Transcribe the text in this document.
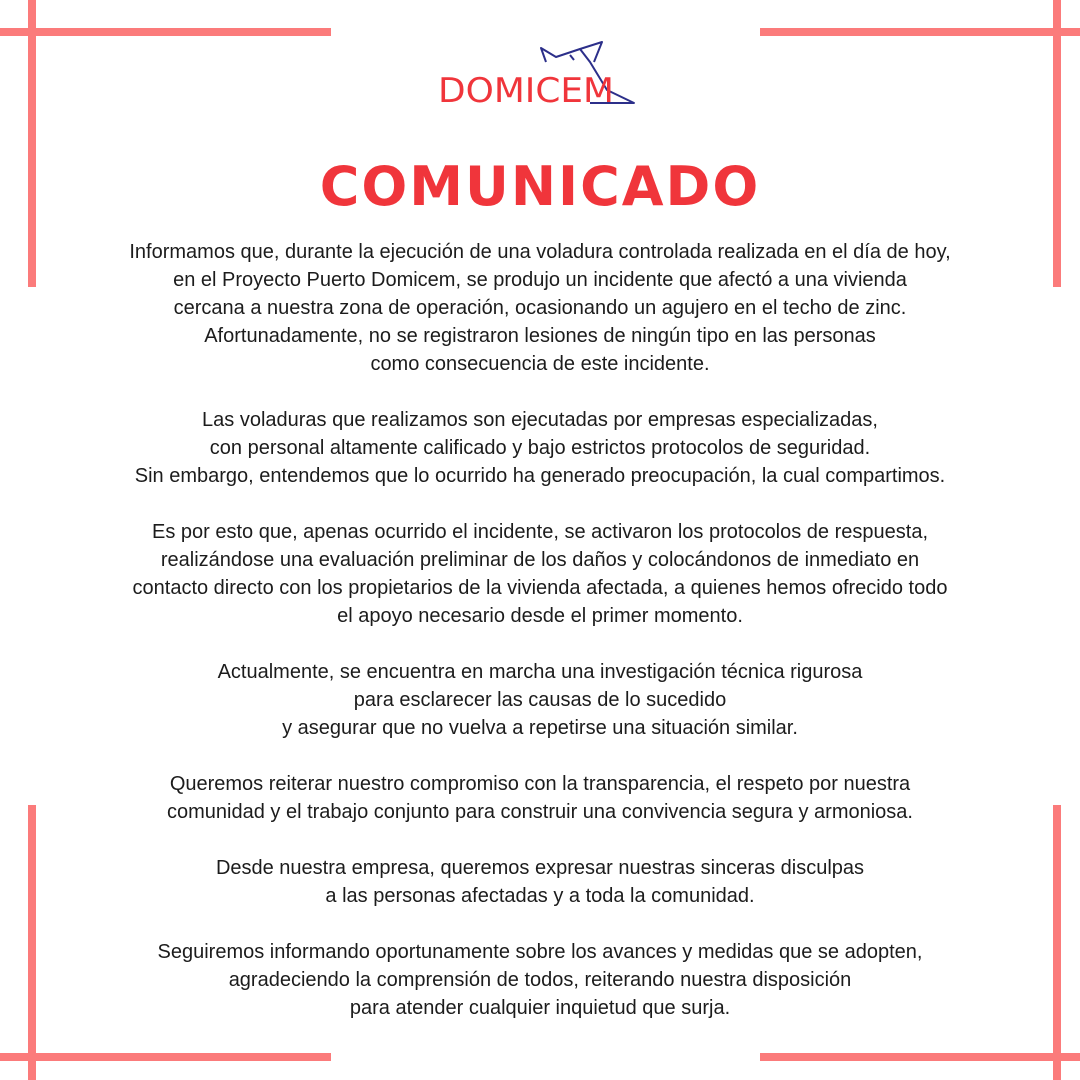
DOMICEM
COMUNICADO

Informamos que, durante la ejecución de una voladura controlada realizada en el día de hoy,
en el Proyecto Puerto Domicem, se produjo un incidente que afectó a una vivienda
cercana a nuestra zona de operación, ocasionando un agujero en el techo de zinc.
Afortunadamente, no se registraron lesiones de ningún tipo en las personas
como consecuencia de este incidente.

Las voladuras que realizamos son ejecutadas por empresas especializadas,
con personal altamente calificado y bajo estrictos protocolos de seguridad.
Sin embargo, entendemos que lo ocurrido ha generado preocupación, la cual compartimos.

Es por esto que, apenas ocurrido el incidente, se activaron los protocolos de respuesta,
realizándose una evaluación preliminar de los daños y colocándonos de inmediato en
contacto directo con los propietarios de la vivienda afectada, a quienes hemos ofrecido todo
el apoyo necesario desde el primer momento.

Actualmente, se encuentra en marcha una investigación técnica rigurosa
para esclarecer las causas de lo sucedido
y asegurar que no vuelva a repetirse una situación similar.

Queremos reiterar nuestro compromiso con la transparencia, el respeto por nuestra
comunidad y el trabajo conjunto para construir una convivencia segura y armoniosa.

Desde nuestra empresa, queremos expresar nuestras sinceras disculpas
a las personas afectadas y a toda la comunidad.

Seguiremos informando oportunamente sobre los avances y medidas que se adopten,
agradeciendo la comprensión de todos, reiterando nuestra disposición
para atender cualquier inquietud que surja.
